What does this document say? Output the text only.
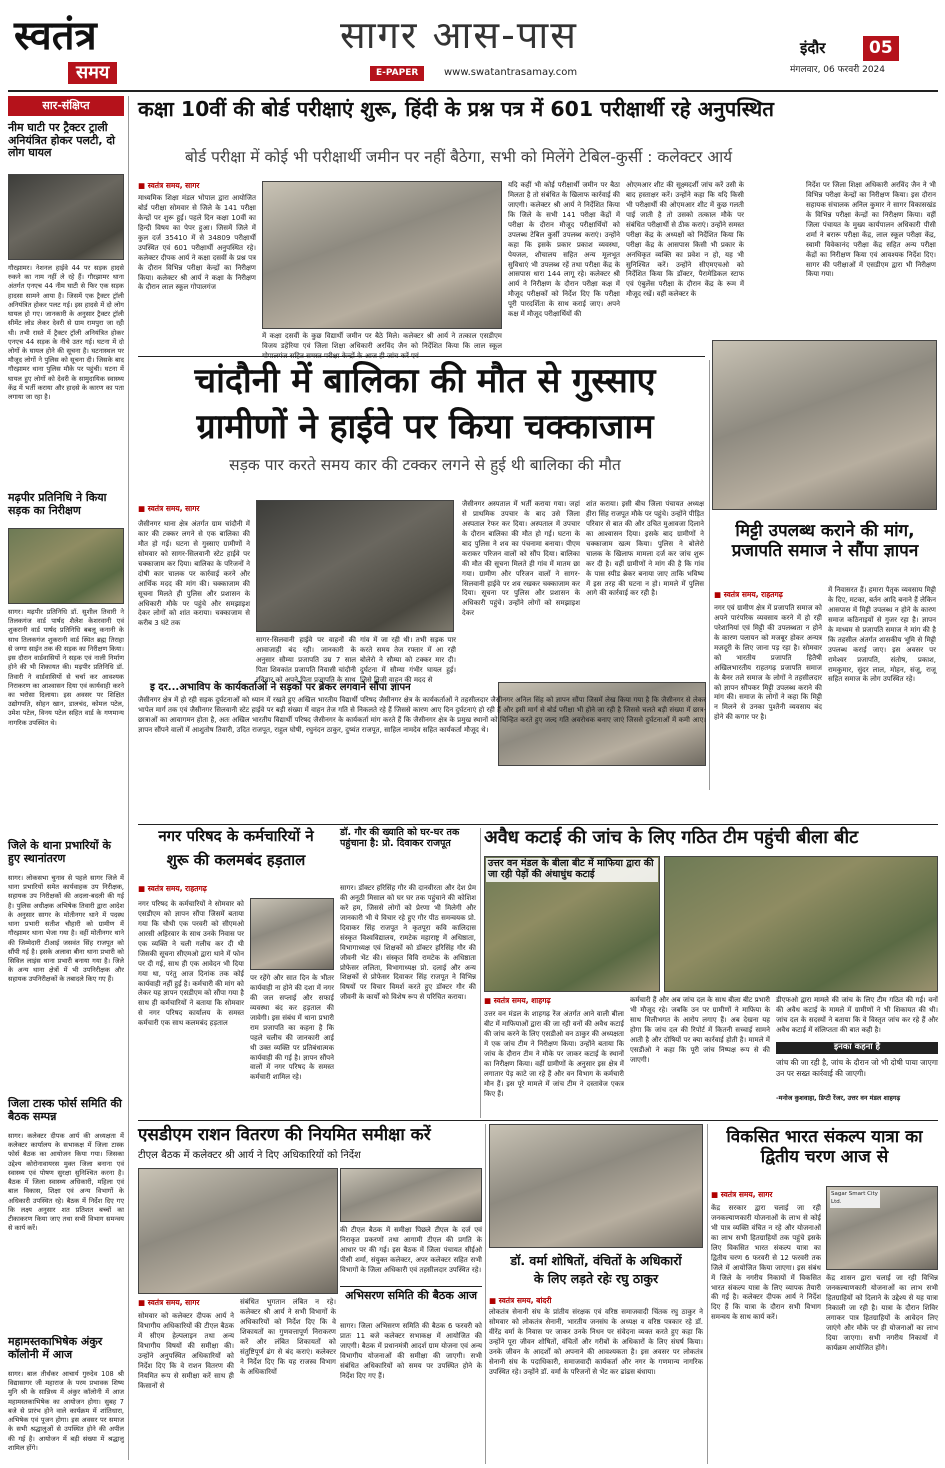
स्वतंत्र
समय
सागर आस-पास
E-PAPER	www.swatantrasamay.com
इंदौर	05
मंगलवार, 06 फरवरी 2024
सार-संक्षिप्त
नीम घाटी पर ट्रैक्टर ट्राली अनियंत्रित होकर पलटी, दो लोग घायल
गौरझामर। नेशनल हाईवे 44 पर सड़क हादसे रुकने का नाम नहीं ले रहे हैं। गौरझामर थाना अंतर्गत एनएच 44 नीम घाटी से फिर एक सड़क हादसा सामने आया है। जिसमें एक ट्रैक्टर ट्रॉली अनियंत्रित होकर पलट गई। इस हादसे में दो लोग घायल हो गए। जानकारी के अनुसार ट्रैक्टर ट्रॉली सीमेंट लोड लेकर देवरी से ग्राम रामपुरा जा रही थी। तभी रास्ते में ट्रैक्टर ट्रॉली अनियंत्रित होकर एनएच 44 सड़क के नीचे उतर गई। घटना में दो लोगों के घायल होने की सूचना है। घटनास्थल पर मौजूद लोगों ने पुलिस को सूचना दी। जिसके बाद गौरझामर थाना पुलिस मौके पर पहुंची। घटना में घायल हुए लोगों को देवरी के सामुदायिक स्वास्थ्य केंद्र में भर्ती कराया और हादसे के कारण का पता लगाया जा रहा है।
मढ़पीर प्रतिनिधि ने किया सड़क का निरीक्षण
सागर। मढ़पीर प्रतिनिधि डॉ. सुशील तिवारी ने तिलकगंज वार्ड पार्षद शैलेश केशरवानी एवं शुकरानी वार्ड पार्षद प्रतिनिधि बबलू कनानी के साथ तिलकगंज शुकरानी वार्ड स्थित ब्रह्म तिराहा से जग्गा साईन तक की सड़क का निरीक्षण किया। इस दौरान वार्डवासियों ने सड़क एवं नाली निर्माण होने की भी शिकायत की। मढ़पीर प्रतिनिधि डॉ. तिवारी ने वार्डवासियों से चर्चा कर आवश्यक निराकरण का आश्वासन दिया एवं कार्यवाही करने का भरोसा दिलाया। इस अवसर पर शिक्षित उद्योगपति, सोहन खान, डालचंद, कोमल पटेल, उमेश पटेल, विनय पटेल सहित वार्ड के गणमान्य नागरिक उपस्थित थे।
जिले के थाना प्रभारियों के हुए स्थानांतरण
सागर। लोकसभा चुनाव से पहले सागर जिले में थाना प्रभारियों समेत कार्यवाहक उप निरीक्षक, सहायक उप निरीक्षकों की अदला-बदली की गई है। पुलिस अधीक्षक अभिषेक तिवारी द्वारा आदेश के अनुसार सागर के मोतीनगर थाने में पदस्थ थाना प्रभारी सतीश चौहारी को ग्रामीण में गौरझामर थाना भेजा गया है। वहीं मोतीनगर थाने की जिम्मेदारी टीआई जसवंत सिंह राजपूत को सौंपी गई है। इसके अलावा बीना थाना प्रभारी को सिविल लाइंस थाना प्रभारी बनाया गया है। जिले के अन्य थाना क्षेत्रों में भी उपनिरीक्षक और सहायक उपनिरीक्षकों के तबादले किए गए हैं।
जिला टास्क फोर्स समिति की बैठक सम्पन्न
सागर। कलेक्टर दीपक आर्य की अध्यक्षता में कलेक्टर कार्यालय के सभाकक्ष में जिला टास्क फोर्स बैठक का आयोजन किया गया। जिसका उद्देश्य कोरोनावायरस मुक्त जिला बनाना एवं स्वास्थ्य एवं पोषण सुरक्षा सुनिश्चित करना है। बैठक में जिला स्वास्थ्य अधिकारी, महिला एवं बाल विकास, शिक्षा एवं अन्य विभागों के अधिकारी उपस्थित रहे। बैठक में निर्देश दिए गए कि लक्ष्य अनुसार शत प्रतिशत बच्चों का टीकाकरण किया जाए तथा सभी विभाग समन्वय से कार्य करें।
महामस्तकाभिषेक अंकुर कॉलोनी में आज
सागर। बाल तीर्थंकर आचार्य गुरुदेव 108 श्री विद्यासागर जी महाराज के परम प्रभावक शिष्य मुनि श्री के सान्निध्य में अंकुर कॉलोनी में आज महामस्तकाभिषेक का आयोजन होगा। सुबह 7 बजे से प्रारंभ होने वाले कार्यक्रम में शांतिधारा, अभिषेक एवं पूजन होगा। इस अवसर पर समाज के सभी श्रद्धालुओं से उपस्थित होने की अपील की गई है। आयोजन में बड़ी संख्या में श्रद्धालु शामिल होंगे।
कक्षा 10वीं की बोर्ड परीक्षाएं शुरू, हिंदी के प्रश्न पत्र में 601 परीक्षार्थी रहे अनुपस्थित
बोर्ड परीक्षा में कोई भी परीक्षार्थी जमीन पर नहीं बैठेगा, सभी को मिलेंगे टेबिल-कुर्सी : कलेक्टर आर्य
■ स्वतंत्र समय, सागर
माध्यमिक शिक्षा मंडल भोपाल द्वारा आयोजित बोर्ड परीक्षा सोमवार से जिले के 141 परीक्षा केन्द्रों पर शुरू हुई। पहले दिन कक्षा 10वीं का हिन्दी विषय का पेपर हुआ। जिसमें जिले में कुल दर्ज 35410 में से 34809 परीक्षार्थी उपस्थित एवं 601 परीक्षार्थी अनुपस्थित रहे। कलेक्टर दीपक आर्य ने कक्षा दसवीं के प्रश्न पत्र के दौरान विभिन्न परीक्षा केन्द्रों का निरीक्षण किया। कलेक्टर श्री आर्य ने कक्षा के निरीक्षण के दौरान लाल स्कूल गोपालगंज
में कक्षा दसवीं के कुछ विद्यार्थी जमीन पर बैठे मिले। कलेक्टर श्री आर्य ने तत्काल एसडीएम विजय डहेरिया एवं जिला शिक्षा अधिकारी अरविंद जैन को निर्देशित किया कि लाल स्कूल
यदि कहीं भी कोई परीक्षार्थी जमीन पर बैठा मिलता है तो संबंधित के खिलाफ कार्रवाई की जाएगी। कलेक्टर श्री आर्य ने निर्देशित किया कि जिले के सभी 141 परीक्षा केंद्रों में परीक्षा के दौरान मौजूद परीक्षार्थियों को उपलब्ध टेबिल कुर्सी उपलब्ध कराएं। उन्होंने कहा कि इसके प्रकार प्रकाश व्यवस्था, पेयजल, शौचालय सहित अन्य मूलभूत सुविधाएं भी उपलब्ध रहें तथा परीक्षा केंद्र के आसपास धारा 144 लागू रहे। कलेक्टर श्री आर्य ने निरीक्षण के दौरान परीक्षा कक्ष में मौजूद परीक्षकों को निर्देश दिए कि परीक्षा पूरी पारदर्शिता के साथ कराई जाए। अपने कक्ष में मौजूद परीक्षार्थियों की
ओएमआर शीट की सूक्ष्मदर्शी जांच करें उसी के बाद हस्ताक्षर करें। उन्होंने कहा कि यदि किसी भी परीक्षार्थी की ओएमआर शीट में कुछ गलती पाई जाती है तो उसको तत्काल मौके पर संबंधित परीक्षार्थी से ठीक कराएं। उन्होंने समस्त परीक्षा केंद्र के अध्यक्षों को निर्देशित किया कि परीक्षा केंद्र के आसपास किसी भी प्रकार के अनधिकृत व्यक्ति का प्रवेश न हो, यह भी सुनिश्चित करें। उन्होंने सीएमएचओ को निर्देशित किया कि डॉक्टर, पैरामेडिकल स्टाफ एवं एंबुलेंस परीक्षा के दौरान केंद्र के रूम में मौजूद रखें। वहीं कलेक्टर के
निर्देश पर जिला शिक्षा अधिकारी अरविंद जैन ने भी विभिन्न परीक्षा केन्द्रों का निरीक्षण किया। इस दौरान सहायक संचालक अनिल कुमार ने सागर विकासखंड के विभिन्न परीक्षा केन्द्रों का निरीक्षण किया। वहीं जिला पंचायत के मुख्य कार्यपालन अधिकारी पीसी शर्मा ने बरारू परीक्षा केंद्र, लाल स्कूल परीक्षा केंद्र, स्वामी विवेकानंद परीक्षा केंद्र सहित अन्य परीक्षा केंद्रों का निरीक्षण किया एवं आवश्यक निर्देश दिए। सागर की परीक्षाओं में एसडीएम द्वारा भी निरीक्षण किया गया।
चांदौनी में बालिका की मौत से गुस्साए
ग्रामीणों ने हाईवे पर किया चक्काजाम
सड़क पार करते समय कार की टक्कर लगने से हुई थी बालिका की मौत
■ स्वतंत्र समय, सागर
जैसीनगर थाना क्षेत्र अंतर्गत ग्राम चांदौनी में कार की टक्कर लगने से एक बालिका की मौत हो गई। घटना से गुस्साए ग्रामीणों ने सोमवार को सागर-सिलवानी स्टेट हाईवे पर चक्काजाम कर दिया। बालिका के परिजनों ने दोषी कार चालक पर कार्रवाई करने और आर्थिक मदद की मांग की। चक्काजाम की सूचना मिलते ही पुलिस और प्रशासन के अधिकारी मौके पर पहुंचे और समझाइश देकर लोगों को शांत कराया। चक्काजाम से करीब 3 घंटे तक
सागर-सिलवानी हाईवे पर वाहनों की आवाजाही बंद रही। जानकारी के अनुसार सौम्या प्रजापति उम्र 7 साल पिता शिवकांत प्रजापति निवासी चांदौनी रविवार को अपने पिता प्रजापति के साथ
गांव में जा रही थी। तभी सड़क पार करते समय तेज रफ्तार में आ रही बोलेरो ने सौम्या को टक्कर मार दी। दुर्घटना में सौम्या गंभीर घायल हुई। जिसे निजी वाहन की मदद से
जैसीनगर अस्पताल में भर्ती कराया गया। जहां से प्राथमिक उपचार के बाद उसे जिला अस्पताल रेफर कर दिया। अस्पताल में उपचार के दौरान बालिका की मौत हो गई। घटना के बाद पुलिस ने शव का पंचनामा बनाया। पीएम कराकर परिजन वालों को सौंप दिया। बालिका की मौत की सूचना मिलते ही गांव में मातम छा गया। ग्रामीण और परिजन वालों ने सागर-सिलवानी हाईवे पर शव रखकर चक्काजाम कर दिया। सूचना पर पुलिस और प्रशासन के अधिकारी पहुंचे। उन्होंने लोगों को समझाइश देकर
शांत कराया। इसी बीच जिला पंचायत अध्यक्ष हीरा सिंह राजपूत मौके पर पहुंचे। उन्होंने पीड़ित परिवार से बात की और उचित मुआवजा दिलाने का आश्वासन दिया। इसके बाद ग्रामीणों ने चक्काजाम खत्म किया। पुलिस ने बोलेरो चालक के खिलाफ मामला दर्ज कर जांच शुरू कर दी है। वहीं ग्रामीणों ने मांग की है कि गांव के पास स्पीड ब्रेकर बनाया जाए ताकि भविष्य में इस तरह की घटना न हो। मामले में पुलिस आगे की कार्रवाई कर रही है।
मिट्टी उपलब्ध कराने की मांग, प्रजापति समाज ने सौंपा ज्ञापन
■ स्वतंत्र समय, राहतगढ़
नगर एवं ग्रामीण क्षेत्र में प्रजापति समाज को अपने पारंपरिक व्यवसाय करने में हो रही परेशानियां एवं मिट्टी की उपलब्धता न होने के कारण पलायन को मजबूर होकर अन्यत्र मजदूरी के लिए जाना पड़ रहा है। सोमवार को भारतीय प्रजापति हितैषी अखिलभारतीय राहतगढ़ प्रजापति समाज के बैनर तले समाज के लोगों ने तहसीलदार को ज्ञापन सौंपकर मिट्टी उपलब्ध कराने की मांग की। समाज के लोगों ने कहा कि मिट्टी न मिलने से उनका पुश्तैनी व्यवसाय बंद होने की कगार पर है।
में निवासरत हैं। हमारा पैतृक व्यवसाय मिट्टी के दिए, मटका, बर्तन आदि बनाने हैं लेकिन आसपास में मिट्टी उपलब्ध न होने के कारण समाज कठिनाइयों से गुजर रहा है। ज्ञापन के माध्यम से प्रजापति समाज ने मांग की है कि तहसील अंतर्गत शासकीय भूमि से मिट्टी उपलब्ध कराई जाए। इस अवसर पर रामेश्वर प्रजापति, संतोष, प्रकाश, रामकुमार, सुंदर लाल, मोहन, संजू, राजू सहित समाज के लोग उपस्थित रहे।
इ दर...अभाविप के कार्यकर्ताओं ने सड़कों पर ब्रेकर लगवाने सौंपा ज्ञापन
जैसीनगर क्षेत्र में हो रही सड़क दुर्घटनाओं को ध्यान में रखते हुए अखिल भारतीय विद्यार्थी परिषद जैसीनगर क्षेत्र के कार्यकर्ताओं ने तहसीलदार जैसीनगर अनिल सिंह को ज्ञापन सौंपा जिसमें लेख किया गया है कि जैसीनगर से लेकर भापेल मार्ग तक एवं जैसीनगर सिलवानी स्टेट हाईवे पर बड़ी संख्या में वाहन तेज गति से निकलते रहे हैं जिससे कारण आए दिन दुर्घटनाएं हो रही हैं और इसी मार्ग से बोर्ड परीक्षा भी होने जा रही है जिससे चलते बड़ी संख्या में छात्र-छात्राओं का आवागमन होता है, अतः अखिल भारतीय विद्यार्थी परिषद जैसीनगर के कार्यकर्ता मांग करते हैं कि जैसीनगर क्षेत्र के प्रमुख स्थानों को चिन्हित करते हुए जल्द गति अवरोधक बनाए जाएं जिससे दुर्घटनाओं में कमी आए। ज्ञापन सौंपने वालों में आशुतोष तिवारी, उदित राजपूत, राहुल घोषी, रघुनंदन ठाकुर, दुष्यंत राजपूत, साहिल नामदेव सहित कार्यकर्ता मौजूद थे।
नगर परिषद के कर्मचारियों ने
शुरू की कलमबंद हड़ताल
■ स्वतंत्र समय, राहतगढ़
नगर परिषद के कर्मचारियों ने सोमवार को एसडीएम को ज्ञापन सौंपा जिसमें बताया गया कि चौथी एक परवरी को सीएमओ आरसी अहिरवार के साथ उनके निवास पर एक व्यक्ति ने चली गलीच कर दी थी जिसकी सूचना सीएमओ द्वारा थाने में फोन पर दी गई, साथ ही एक आवेदन भी दिया गया था, परंतु आज दिनांक तक कोई कार्यवाही नहीं हुई है। कर्मचारी की मांग को लेकर यह ज्ञापन एसडीएम को सौंपा गया है साथ ही कर्मचारियों ने बताया कि सोमवार से नगर परिषद कार्यालय के समस्त कर्मचारी एक साथ कलमबंद हड़ताल
पर रहेंगे और सात दिन के भीतर कार्यवाही ना होने की दशा में नगर की जल सप्लाई और सफाई व्यवस्था बंद कर हड़ताल की जावेगी। इस संबंध में थाना प्रभारी राम प्रजापति का कहना है कि पहले चलीच की जानकारी आई थी उक्त व्यक्ति पर प्रतिबंधात्मक कार्यवाही की गई है। ज्ञापन सौंपने वालों में नगर परिषद के समस्त कर्मचारी शामिल रहे।
डॉ. गौर की ख्याति को घर-घर तक पहुंचाना है: प्रो. दिवाकर राजपूत
सागर। डॉक्टर हरिसिंह गौर की दानवीरता और देश प्रेम की अनूठी मिसाल को घर घर तक पहुंचाने की कोशिश करें हम, जिससे लोगों को प्रेरणा भी मिलेगी और जानकारी भी ये विचार रहे हुए गौर पीठ समन्वयक प्रो. दिवाकर सिंह राजपूत ने कृतपूरा कवि कालिदास संस्कृत विश्वविद्यालय, रामटेक महाराष्ट्र में अधिष्ठाता, विभागाध्यक्ष एवं शिक्षकों को डॉक्टर हरिसिंह गौर की जीवनी भेंट की। संस्कृत विवि रामटेक के अधिष्ठाता प्रोफेसर ललिता, विभागाध्यक्ष प्रो. दलाई और अन्य शिक्षकों से प्रोफेसर दिवाकर सिंह राजपूत ने विभिन्न विषयों पर विचार विमर्श करते हुए डॉक्टर गौर की जीवनी के कार्यों को विशेष रूप से परिचित कराया।
अवैध कटाई की जांच के लिए गठित टीम पहुंची बीला बीट
उत्तर वन मंडल के बीला बीट में माफिया द्वारा की जा रही पेड़ों की अंधाधुंध कटाई
■ स्वतंत्र समय, शाहगढ़
उत्तर वन मंडल के शाहगढ़ रेंज अंतर्गत आने वाली बीला बीट में माफियाओं द्वारा की जा रही वनों की अवैध कटाई की जांच करने के लिए एसडीओ वन ठाकुर की अध्यक्षता में एक जांच टीम ने निरीक्षण किया। उन्होंने बताया कि जांच के दौरान टीम ने मौके पर जाकर कटाई के स्थानों का निरीक्षण किया। वहीं ग्रामीणों के अनुसार इस क्षेत्र में लगातार पेड़ काटे जा रहे हैं और वन विभाग के कर्मचारी मौन हैं। इस पूरे मामले में जांच टीम ने दस्तावेज एकत्र किए हैं।
कर्मचारी हैं और अब जांच दल के साथ बीला बीट प्रभारी भी मौजूद रहे। जबकि उन पर ग्रामीणों ने माफिया के साथ मिलीभगत के आरोप लगाए हैं। अब देखना यह होगा कि जांच दल की रिपोर्ट में कितनी सच्चाई सामने आती है और दोषियों पर क्या कार्रवाई होती है। मामले में एसडीओ ने कहा कि पूरी जांच निष्पक्ष रूप से की जाएगी।
डीएफओ द्वारा मामले की जांच के लिए टीम गठित की गई। वनों की अवैध कटाई के मामले में ग्रामीणों ने भी शिकायत की थी। जांच दल के सदस्यों ने बताया कि वे विस्तृत जांच कर रहे हैं और अवैध कटाई में संलिप्तता की बात कही है।
इनका कहना है
जांच की जा रही है, जांच के दौरान जो भी दोषी पाया जाएगा उन पर सख्त कार्रवाई की जाएगी।
-मनोज कुशवाहा, डिप्टी रेंजर, उत्तर वन मंडल शाहगढ़
एसडीएम राशन वितरण की नियमित समीक्षा करें
टीएल बैठक में कलेक्टर श्री आर्य ने दिए अधिकारियों को निर्देश
■ स्वतंत्र समय, सागर
सोमवार को कलेक्टर दीपक आर्य ने विभागीय अधिकारियों की टीएल बैठक में सीएम हेल्पलाइन तथा अन्य विभागीय विषयों की समीक्षा की। उन्होंने अनुपस्थित अधिकारियों को निर्देश दिए कि वे राशन वितरण की नियमित रूप से समीक्षा करें साथ ही किसानों से
संबंधित भुगतान लंबित न रहे। कलेक्टर श्री आर्य ने सभी विभागों के अधिकारियों को निर्देश दिए कि वे शिकायतों का गुणवत्तापूर्ण निराकरण करें और लंबित शिकायतों को संतुष्टिपूर्ण ढंग से बंद कराएं। कलेक्टर ने निर्देश दिए कि यह राजस्व विभाग के अधिकारियों
की टीएल बैठक में समीक्षा पिछले टीएल के दर्ज एवं निराकृत प्रकरणों तथा आगामी टीएल की प्रगति के आधार पर की गई। इस बैठक में जिला पंचायत सीईओ पीसी शर्मा, संयुक्त कलेक्टर, अपर कलेक्टर सहित सभी विभागों के जिला अधिकारी एवं तहसीलदार उपस्थित रहे।
अभिसरण समिति की बैठक आज
सागर। जिला अभिसरण समिति की बैठक 6 फरवरी को प्रातः 11 बजे कलेक्टर सभाकक्ष में आयोजित की जाएगी। बैठक में प्रधानमंत्री आदर्श ग्राम योजना एवं अन्य विभागीय योजनाओं की समीक्षा की जाएगी। सभी संबंधित अधिकारियों को समय पर उपस्थित होने के निर्देश दिए गए हैं।
डॉ. वर्मा शोषितों, वंचितों के अधिकारों
के लिए लड़ते रहेः रघु ठाकुर
■ स्वतंत्र समय, बांदरी
लोकतंत्र सेनानी संघ के प्रांतीय संरक्षक एवं वरिष्ठ समाजवादी चिंतक रघु ठाकुर ने सोमवार को लोकतंत्र सेनानी, भारतीय जनसंघ के अध्यक्ष व वरिष्ठ पत्रकार रहे डॉ. वीरेंद्र वर्मा के निवास पर जाकर उनके निधन पर संवेदना व्यक्त करते हुए कहा कि उन्होंने पूरा जीवन शोषितों, वंचितों और गरीबों के अधिकारों के लिए संघर्ष किया। उनके जीवन के आदर्शों को अपनाने की आवश्यकता है। इस अवसर पर लोकतंत्र सेनानी संघ के पदाधिकारी, समाजवादी कार्यकर्ता और नगर के गणमान्य नागरिक उपस्थित रहे। उन्होंने डॉ. वर्मा के परिजनों से भेंट कर ढांढस बंधाया।
विकसित भारत संकल्प यात्रा का द्वितीय चरण आज से
■ स्वतंत्र समय, सागर
केंद्र सरकार द्वारा चलाई जा रही जनकल्याणकारी योजनाओं के लाभ से कोई भी पात्र व्यक्ति वंचित न रहे और योजनाओं का लाभ सभी हितग्राहियों तक पहुंचे इसके लिए विकसित भारत संकल्प यात्रा का द्वितीय चरण 6 फरवरी से 12 फरवरी तक जिले में आयोजित किया जाएगा। इस संबंध में जिले के नगरीय निकायों में विकसित भारत संकल्प यात्रा के लिए व्यापक तैयारी की गई है। कलेक्टर दीपक आर्य ने निर्देश दिए हैं कि यात्रा के दौरान सभी विभाग समन्वय के साथ कार्य करें।
Sagar Smart City Ltd.
केंद्र शासन द्वारा चलाई जा रही विभिन्न जनकल्याणकारी योजनाओं का लाभ सभी हितग्राहियों को दिलाने के उद्देश्य से यह यात्रा निकाली जा रही है। यात्रा के दौरान शिविर लगाकर पात्र हितग्राहियों के आवेदन लिए जाएंगे और मौके पर ही योजनाओं का लाभ दिया जाएगा। सभी नगरीय निकायों में कार्यक्रम आयोजित होंगे।
